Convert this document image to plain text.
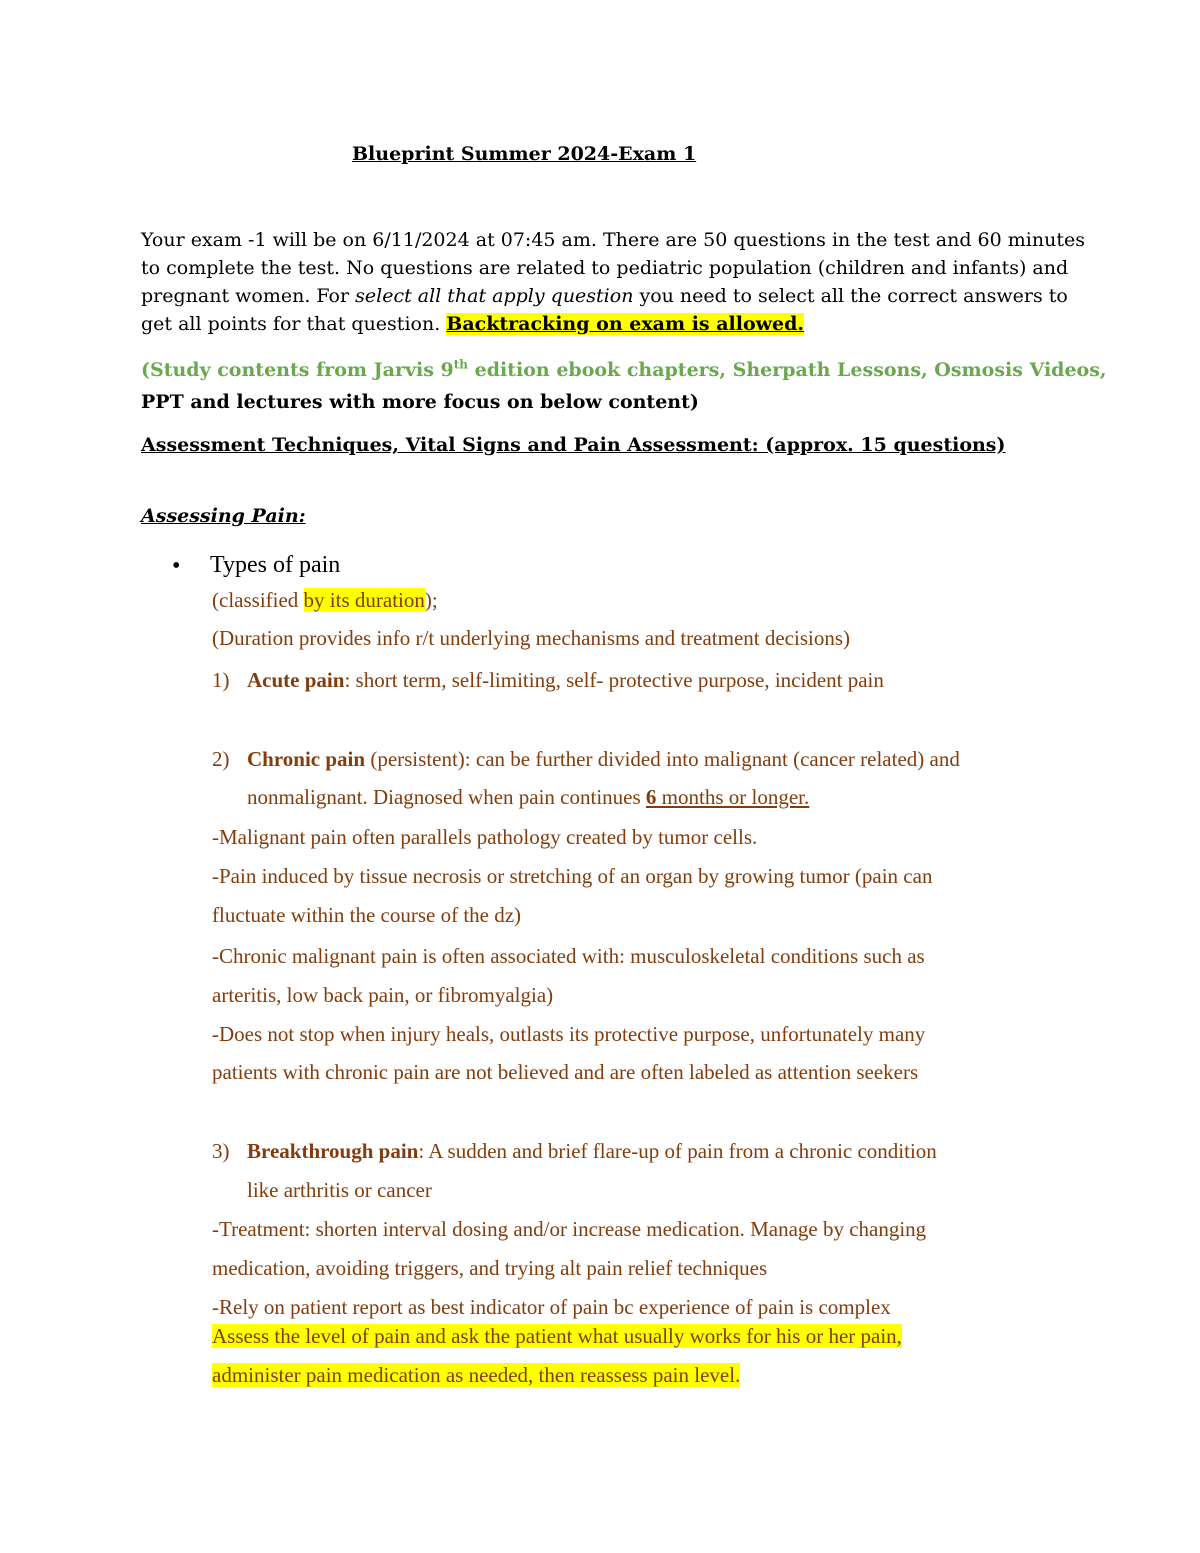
Blueprint Summer 2024-Exam 1
Your exam -1 will be on 6/11/2024 at 07:45 am. There are 50 questions in the test and 60 minutes
to complete the test. No questions are related to pediatric population (children and infants) and
pregnant women. For select all that apply question you need to select all the correct answers to
get all points for that question. Backtracking on exam is allowed.
(Study contents from Jarvis 9th edition ebook chapters, Sherpath Lessons, Osmosis Videos,
PPT and lectures with more focus on below content)
Assessment Techniques, Vital Signs and Pain Assessment: (approx. 15 questions)
Assessing Pain:
• Types of pain
(classified by its duration);
(Duration provides info r/t underlying mechanisms and treatment decisions)
1) Acute pain: short term, self-limiting, self- protective purpose, incident pain
2) Chronic pain (persistent): can be further divided into malignant (cancer related) and
nonmalignant. Diagnosed when pain continues 6 months or longer.
-Malignant pain often parallels pathology created by tumor cells.
-Pain induced by tissue necrosis or stretching of an organ by growing tumor (pain can
fluctuate within the course of the dz)
-Chronic malignant pain is often associated with: musculoskeletal conditions such as
arteritis, low back pain, or fibromyalgia)
-Does not stop when injury heals, outlasts its protective purpose, unfortunately many
patients with chronic pain are not believed and are often labeled as attention seekers
3) Breakthrough pain: A sudden and brief flare-up of pain from a chronic condition
like arthritis or cancer
-Treatment: shorten interval dosing and/or increase medication. Manage by changing
medication, avoiding triggers, and trying alt pain relief techniques
-Rely on patient report as best indicator of pain bc experience of pain is complex
Assess the level of pain and ask the patient what usually works for his or her pain,
administer pain medication as needed, then reassess pain level.
